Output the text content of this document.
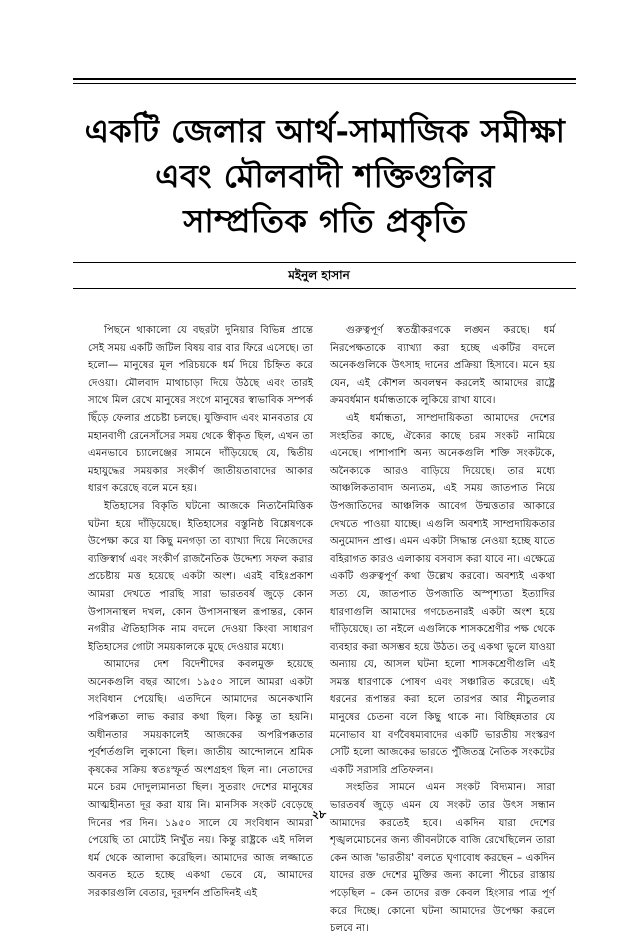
একটি জেলার আর্থ-সামাজিক সমীক্ষা
এবং মৌলবাদী শক্তিগুলির
সাম্প্রতিক গতি প্রকৃতি
মইনুল হাসান

পিছনে থাকালো যে বছরটা দুনিয়ার বিভিন্ন প্রান্তে সেই সময় একটি জটিল বিষয় বার বার ফিরে এসেছে। তা হলো— মানুষের মূল পরিচয়কে ধর্ম দিয়ে চিহ্নিত করে দেওয়া। মৌলবাদ মাথাচাড়া দিয়ে উঠছে এবং তারই সাথে মিল রেখে মানুষের সংগে মানুষের স্বাভাবিক সম্পর্ক ছিঁড়ে ফেলার প্রচেষ্টা চলছে। যুক্তিবাদ এবং মানবতার যে মহানবাণী রেনেসাঁসের সময় থেকে স্বীকৃত ছিল, এখন তা এমনভাবে চ্যালেঞ্জের সামনে দাঁড়িয়েছে যে, দ্বিতীয় মহাযুদ্ধের সময়কার সংকীর্ণ জাতীয়তাবাদের আকার ধারণ করেছে বলে মনে হয়।

ইতিহাসের বিকৃতি ঘটনো আজকে নিত্যনৈমিত্তিক ঘটনা হয়ে দাঁড়িয়েছে। ইতিহাসের বস্তুনিষ্ঠ বিশ্লেষণকে উপেক্ষা করে যা কিছু মনগড়া তা ব্যাখ্যা দিয়ে নিজেদের ব্যক্তিস্বার্থ এবং সংকীর্ণ রাজনৈতিক উদ্দেশ্য সফল করার প্রচেষ্টায় মত্ত হয়েছে একটা অংশ। এরই বহিঃপ্রকাশ আমরা দেখতে পারছি সারা ভারতবর্ষ জুড়ে কোন উপাসনাস্থল দখল, কোন উপাসনাস্থল রূপান্তর, কোন নগরীর ঐতিহাসিক নাম বদলে দেওয়া কিংবা সাধারণ ইতিহাসের গোটা সময়কালকে মুছে দেওয়ার মধ্যে।

আমাদের দেশ বিদেশীদের কবলমুক্ত হয়েছে অনেকগুলি বছর আগে। ১৯৫০ সালে আমরা একটা সংবিধান পেয়েছি। এতদিনে আমাদের অনেকখানি পরিপক্কতা লাভ করার কথা ছিল। কিন্তু তা হয়নি। অধীনতার সময়কালেই আজকের অপরিপক্কতার পূর্বশর্তগুলি লুকানো ছিল। জাতীয় আন্দোলনে শ্রমিক কৃষকের সক্রিয় স্বতঃস্ফূর্ত অংশগ্রহণ ছিল না। নেতাদের মনে চরম দোদুল্যমানতা ছিল। সুতরাং দেশের মানুষের আত্মহীনতা দূর করা যায় নি। মানসিক সংকট বেড়েছে দিনের পর দিন। ১৯৫০ সালে যে সংবিধান আমরা পেয়েছি তা মোটেই নিখুঁত নয়। কিন্তু রাষ্ট্রকে এই দলিল ধর্ম থেকে আলাদা করেছিল। আমাদের আজ লজ্জাতে অবনত হতে হচ্ছে একথা ভেবে যে, আমাদের সরকারগুলি বেতার, দূরদর্শন প্রতিদিনই এই

গুরুত্বপূর্ণ স্বতন্ত্রীকরণকে লঙ্ঘন করছে। ধর্ম নিরপেক্ষতাকে ব্যাখ্যা করা হচ্ছে একটির বদলে অনেকগুলিকে উৎসাহ দানের প্রক্রিয়া হিসাবে। মনে হয় যেন, এই কৌশল অবলম্বন করলেই আমাদের রাষ্ট্রে ক্রমবর্ধমান ধর্মান্ধতাকে লুকিয়ে রাখা যাবে।

এই ধর্মান্ধতা, সাম্প্রদায়িকতা আমাদের দেশের সংহতির কাছে, ঐক্যের কাছে চরম সংকট নামিয়ে এনেছে। পাশাপাশি অন্য অনেকগুলি শক্তি সংকটকে, অনৈক্যকে আরও বাড়িয়ে দিয়েছে। তার মধ্যে আঞ্চলিকতাবাদ অন্যতম, এই সময় জাতপাত নিয়ে উপজাতিদের আঞ্চলিক আবেগ উন্মত্ততার আকারে দেখতে পাওয়া যাচ্ছে। এগুলি অবশ্যই সাম্প্রদায়িকতার অনুমোদন প্রাপ্ত। এমন একটা সিদ্ধান্ত নেওয়া হচ্ছে যাতে বহিরাগত কারও এলাকায় বসবাস করা যাবে না। এক্ষেত্রে একটি গুরুত্বপূর্ণ কথা উল্লেখ করবো। অবশ্যই একথা সত্য যে, জাতপাত উপজাতি অস্পৃশ্যতা ইত্যাদির ধারণাগুলি আমাদের গণচেতনারই একটা অংশ হয়ে দাঁড়িয়েছে। তা নইলে এগুলিকে শাসকশ্রেণীর পক্ষ থেকে ব্যবহার করা অসম্ভব হয়ে উঠত। তবু একথা ভুলে যাওয়া অন্যায় যে, আসল ঘটনা হলো শাসকশ্রেণীগুলি এই সমস্ত ধারণাকে পোষণ এবং সঞ্চারিত করেছে। এই ধরনের রূপান্তর করা হলে তারপর আর নীচুতলার মানুষের চেতনা বলে কিছু থাকে না। বিচ্ছিন্নতার যে মনোভাব যা বর্ণবৈষম্যবাদের একটি ভারতীয় সংস্করণ সেটি হলো আজকের ভারতে পুঁজিতন্ত্র নৈতিক সংকটের একটি সরাসরি প্রতিফলন।

সংহতির সামনে এমন সংকট বিদ্যমান। সারা ভারতবর্ষ জুড়ে এমন যে সংকট তার উৎস সন্ধান আমাদের করতেই হবে। একদিন যারা দেশের শৃঙ্খলমোচনের জন্য জীবনটাকে বাজি রেখেছিলেন তারা কেন আজ 'ভারতীয়' বলতে ঘৃণাবোধ করছেন – একদিন যাদের রক্ত দেশের মুক্তির জন্য কালো পীচের রাস্তায় পড়েছিল – কেন তাদের রক্ত কেবল হিংসার পাত্র পূর্ণ করে দিচ্ছে। কোনো ঘটনা আমাদের উপেক্ষা করলে চলবে না।

২৮
